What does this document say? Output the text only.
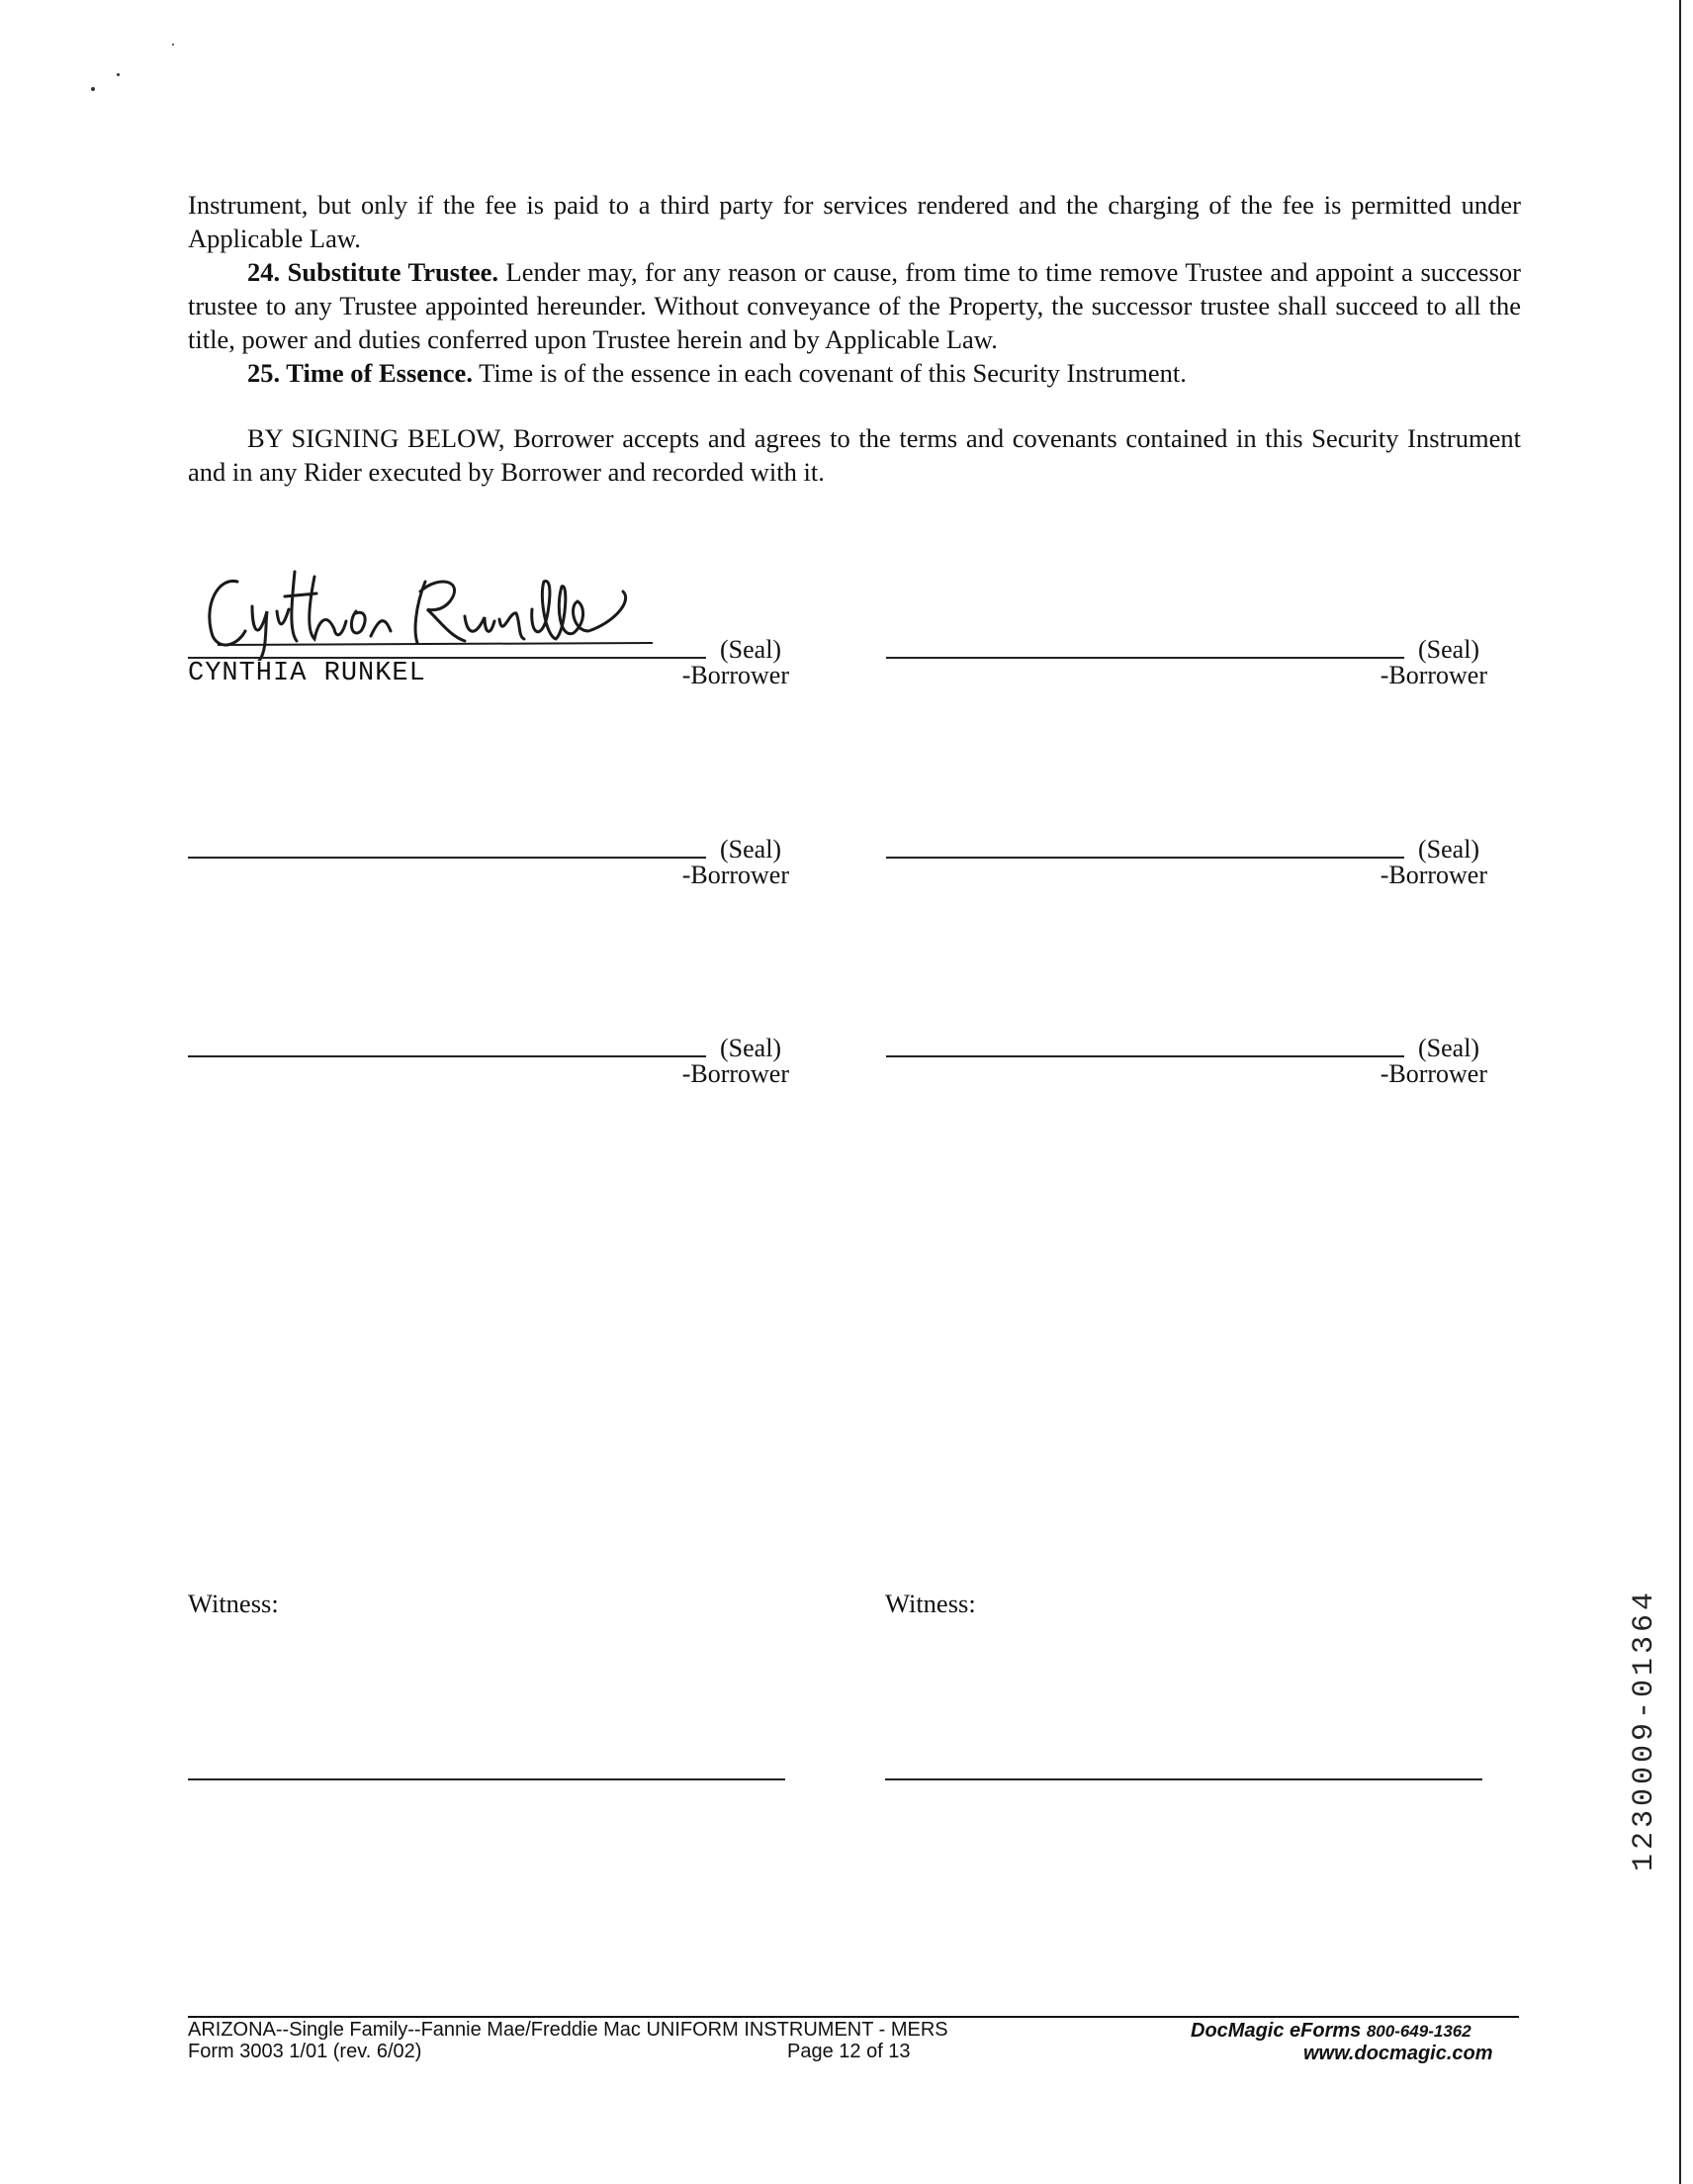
Instrument, but only if the fee is paid to a third party for services rendered and the charging of the fee is permitted under Applicable Law.
24. Substitute Trustee. Lender may, for any reason or cause, from time to time remove Trustee and appoint a successor trustee to any Trustee appointed hereunder. Without conveyance of the Property, the successor trustee shall succeed to all the title, power and duties conferred upon Trustee herein and by Applicable Law.
25. Time of Essence. Time is of the essence in each covenant of this Security Instrument.
BY SIGNING BELOW, Borrower accepts and agrees to the terms and covenants contained in this Security Instrument and in any Rider executed by Borrower and recorded with it.
(Seal)
CYNTHIA RUNKEL	-Borrower
(Seal)
-Borrower
(Seal)
-Borrower
(Seal)
-Borrower
(Seal)
-Borrower
(Seal)
-Borrower
Witness:	Witness:	1230009-01364
ARIZONA--Single Family--Fannie Mae/Freddie Mac UNIFORM INSTRUMENT - MERS
Form 3003 1/01 (rev. 6/02)	Page 12 of 13
DocMagic eForms 800-649-1362
www.docmagic.com
